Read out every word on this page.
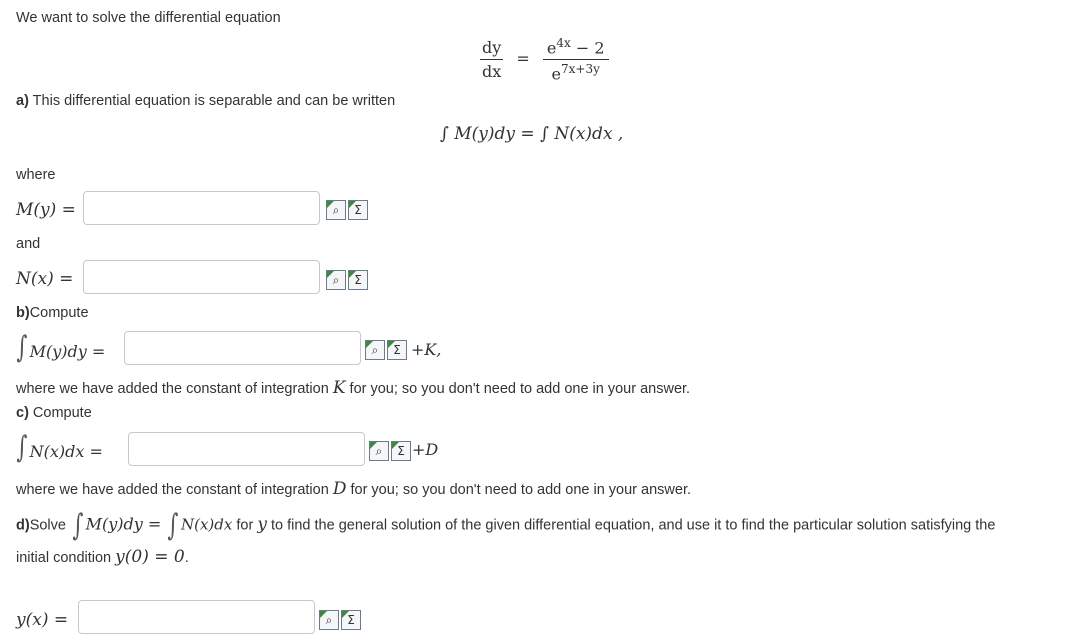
We want to solve the differential equation
$\frac{dy}{dx} = \frac{e^{4x} - 2}{e^{7x+3y}}$
a) This differential equation is separable and can be written
∫ M(y)dy = ∫ N(x)dx ,
where
M(y) =	⌕	Σ
and
N(x) =	⌕	Σ
b)Compute
∫ M(y)dy =	⌕	Σ +K,
where we have added the constant of integration K for you; so you don't need to add one in your answer.
c) Compute
∫ N(x)dx =	⌕	Σ +D
where we have added the constant of integration D for you; so you don't need to add one in your answer.
d)Solve ∫ M(y)dy = ∫ N(x)dx for y to find the general solution of the given differential equation, and use it to find the particular solution satisfying the
initial condition y(0) = 0.
y(x) =	⌕	Σ
